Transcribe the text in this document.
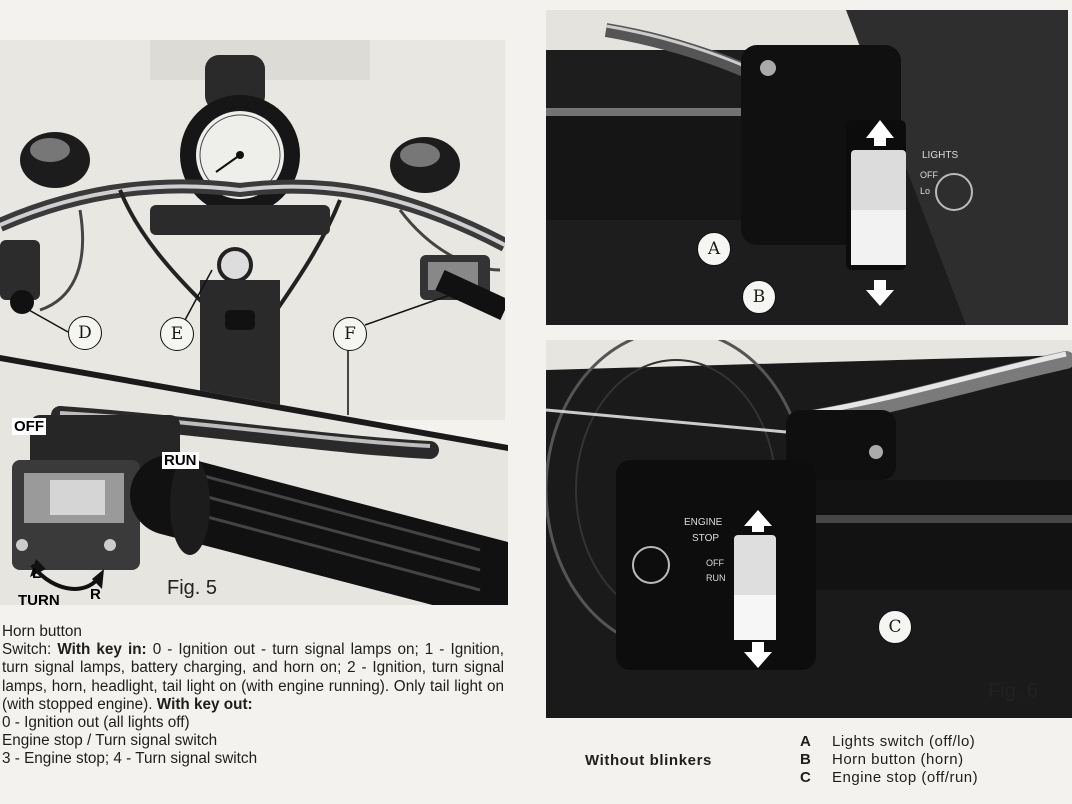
OFF
RUN
TURN
L
R
D	E	F
Fig. 5
LIGHTS
OFF
Lo
A
B
ENGINE
STOP
OFF
RUN
C
Fig. 6

Horn button

Switch: With key in: 0 - Ignition out - turn signal lamps on; 1 - Ignition, turn signal lamps, battery charging, and horn on; 2 - Ignition, turn signal lamps, horn, headlight, tail light on (with engine running). Only tail light on (with stopped engine). With key out:

0 - Ignition out (all lights off)

Engine stop / Turn signal switch

3 - Engine stop; 4 - Turn signal switch	Without blinkers
A	Lights switch (off/lo)
B	Horn button (horn)
C	Engine stop (off/run)
